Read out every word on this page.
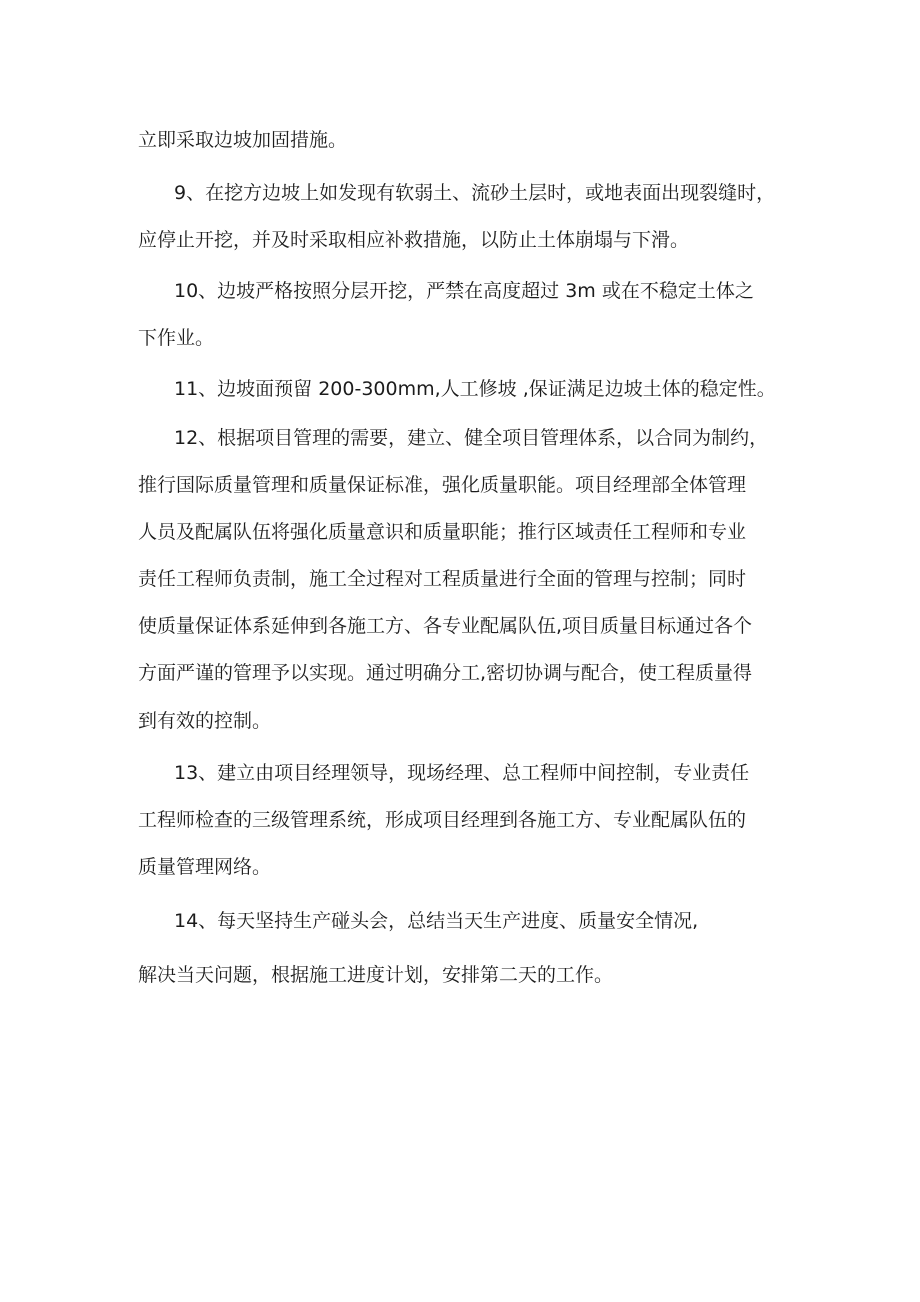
立即采取边坡加固措施。

9、在挖方边坡上如发现有软弱土、流砂土层时，或地表面出现裂缝时，

应停止开挖，并及时采取相应补救措施，以防止土体崩塌与下滑。

10、边坡严格按照分层开挖，严禁在高度超过 3m 或在不稳定土体之

下作业。

11、边坡面预留 200-300mm,人工修坡 ,保证满足边坡土体的稳定性。

12、根据项目管理的需要，建立、健全项目管理体系，以合同为制约，

推行国际质量管理和质量保证标准，强化质量职能。项目经理部全体管理

人员及配属队伍将强化质量意识和质量职能；推行区域责任工程师和专业

责任工程师负责制，施工全过程对工程质量进行全面的管理与控制；同时

使质量保证体系延伸到各施工方、各专业配属队伍,项目质量目标通过各个

方面严谨的管理予以实现。通过明确分工,密切协调与配合，使工程质量得

到有效的控制。

13、建立由项目经理领导，现场经理、总工程师中间控制，专业责任

工程师检查的三级管理系统，形成项目经理到各施工方、专业配属队伍的

质量管理网络。

14、每天坚持生产碰头会，总结当天生产进度、质量安全情况,

解决当天问题，根据施工进度计划，安排第二天的工作。
